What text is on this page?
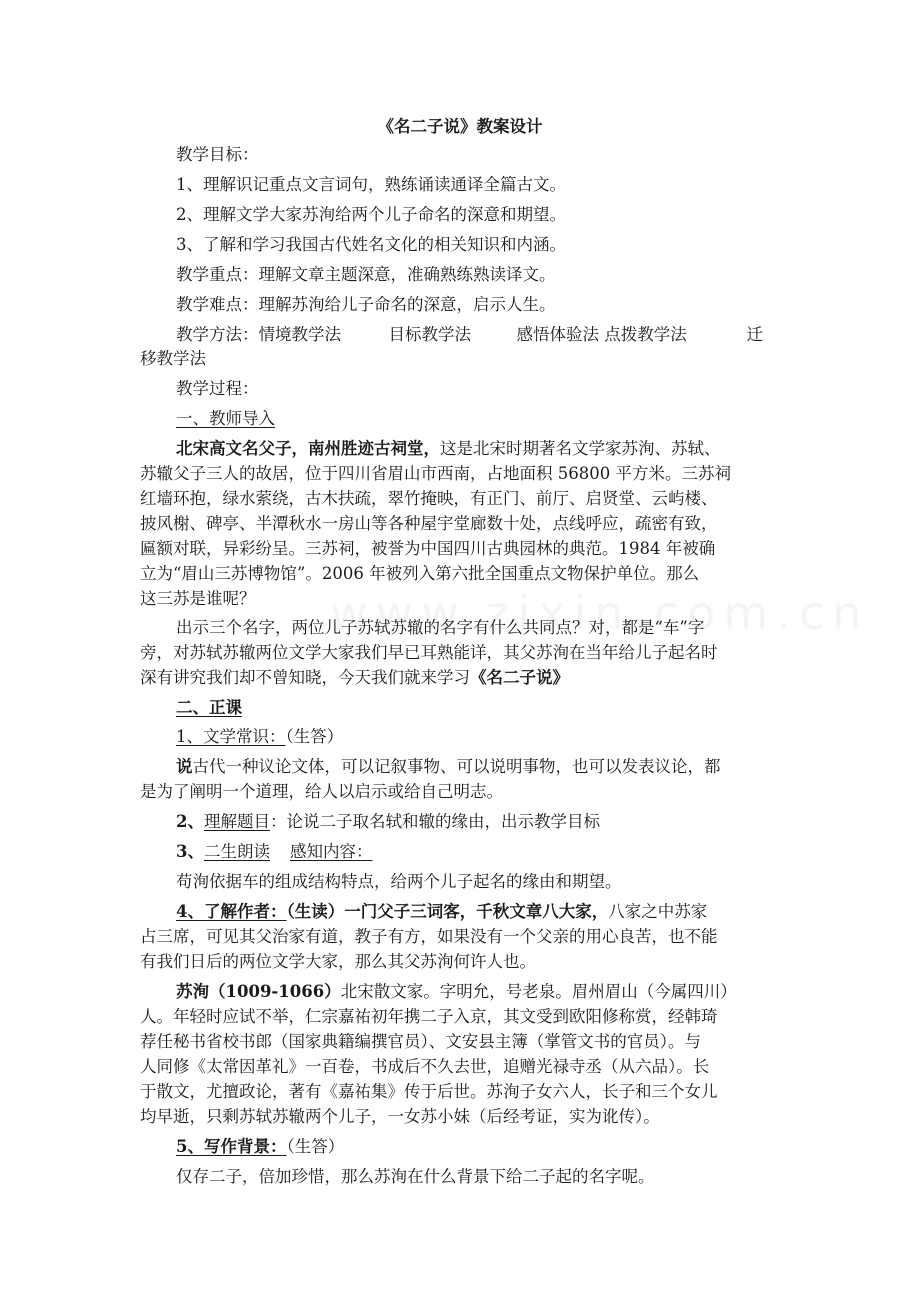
《名二子说》教案设计
教学目标：
1、理解识记重点文言词句，熟练诵读通译全篇古文。
2、理解文学大家苏洵给两个儿子命名的深意和期望。
3、了解和学习我国古代姓名文化的相关知识和内涵。
教学重点：理解文章主题深意，准确熟练熟读译文。
教学难点：理解苏洵给儿子命名的深意，启示人生。
教学方法：情境教学法	目标教学法	感悟体验法 点拨教学法	迁
移教学法
教学过程：
一、教师导入
北宋高文名父子，南州胜迹古祠堂，这是北宋时期著名文学家苏洵、苏轼、
苏辙父子三人的故居，位于四川省眉山市西南，占地面积 56800 平方米。三苏祠
红墙环抱，绿水萦绕，古木扶疏，翠竹掩映，有正门、前厅、启贤堂、云屿楼、
披风榭、碑亭、半潭秋水一房山等各种屋宇堂廊数十处，点线呼应，疏密有致，
匾额对联，异彩纷呈。三苏祠，被誉为中国四川古典园林的典范。1984 年被确
立为“眉山三苏博物馆”。2006 年被列入第六批全国重点文物保护单位。那么
这三苏是谁呢？
出示三个名字，两位儿子苏轼苏辙的名字有什么共同点？对，都是“车”字
旁，对苏轼苏辙两位文学大家我们早已耳熟能详，其父苏洵在当年给儿子起名时
深有讲究我们却不曾知晓，今天我们就来学习《名二子说》
二、正课
1、文学常识：（生答）
说古代一种议论文体，可以记叙事物、可以说明事物，也可以发表议论，都
是为了阐明一个道理，给人以启示或给自己明志。
2、理解题目：论说二子取名轼和辙的缘由，出示教学目标
3、二生朗读 感知内容：
苟洵依据车的组成结构特点，给两个儿子起名的缘由和期望。
4、了解作者：（生读）一门父子三词客，千秋文章八大家，八家之中苏家
占三席，可见其父治家有道，教子有方，如果没有一个父亲的用心良苦，也不能
有我们日后的两位文学大家，那么其父苏洵何许人也。
苏洵（1009-1066）北宋散文家。字明允，号老泉。眉州眉山（今属四川）
人。年轻时应试不举，仁宗嘉祐初年携二子入京，其文受到欧阳修称赏，经韩琦
荐任秘书省校书郎（国家典籍编撰官员）、文安县主簿（掌管文书的官员）。与
人同修《太常因革礼》一百卷，书成后不久去世，追赠光禄寺丞（从六品）。长
于散文，尤擅政论，著有《嘉祐集》传于后世。苏洵子女六人，长子和三个女儿
均早逝，只剩苏轼苏辙两个儿子，一女苏小妹（后经考证，实为讹传）。
5、写作背景：（生答）
仅存二子，倍加珍惜，那么苏洵在什么背景下给二子起的名字呢。
